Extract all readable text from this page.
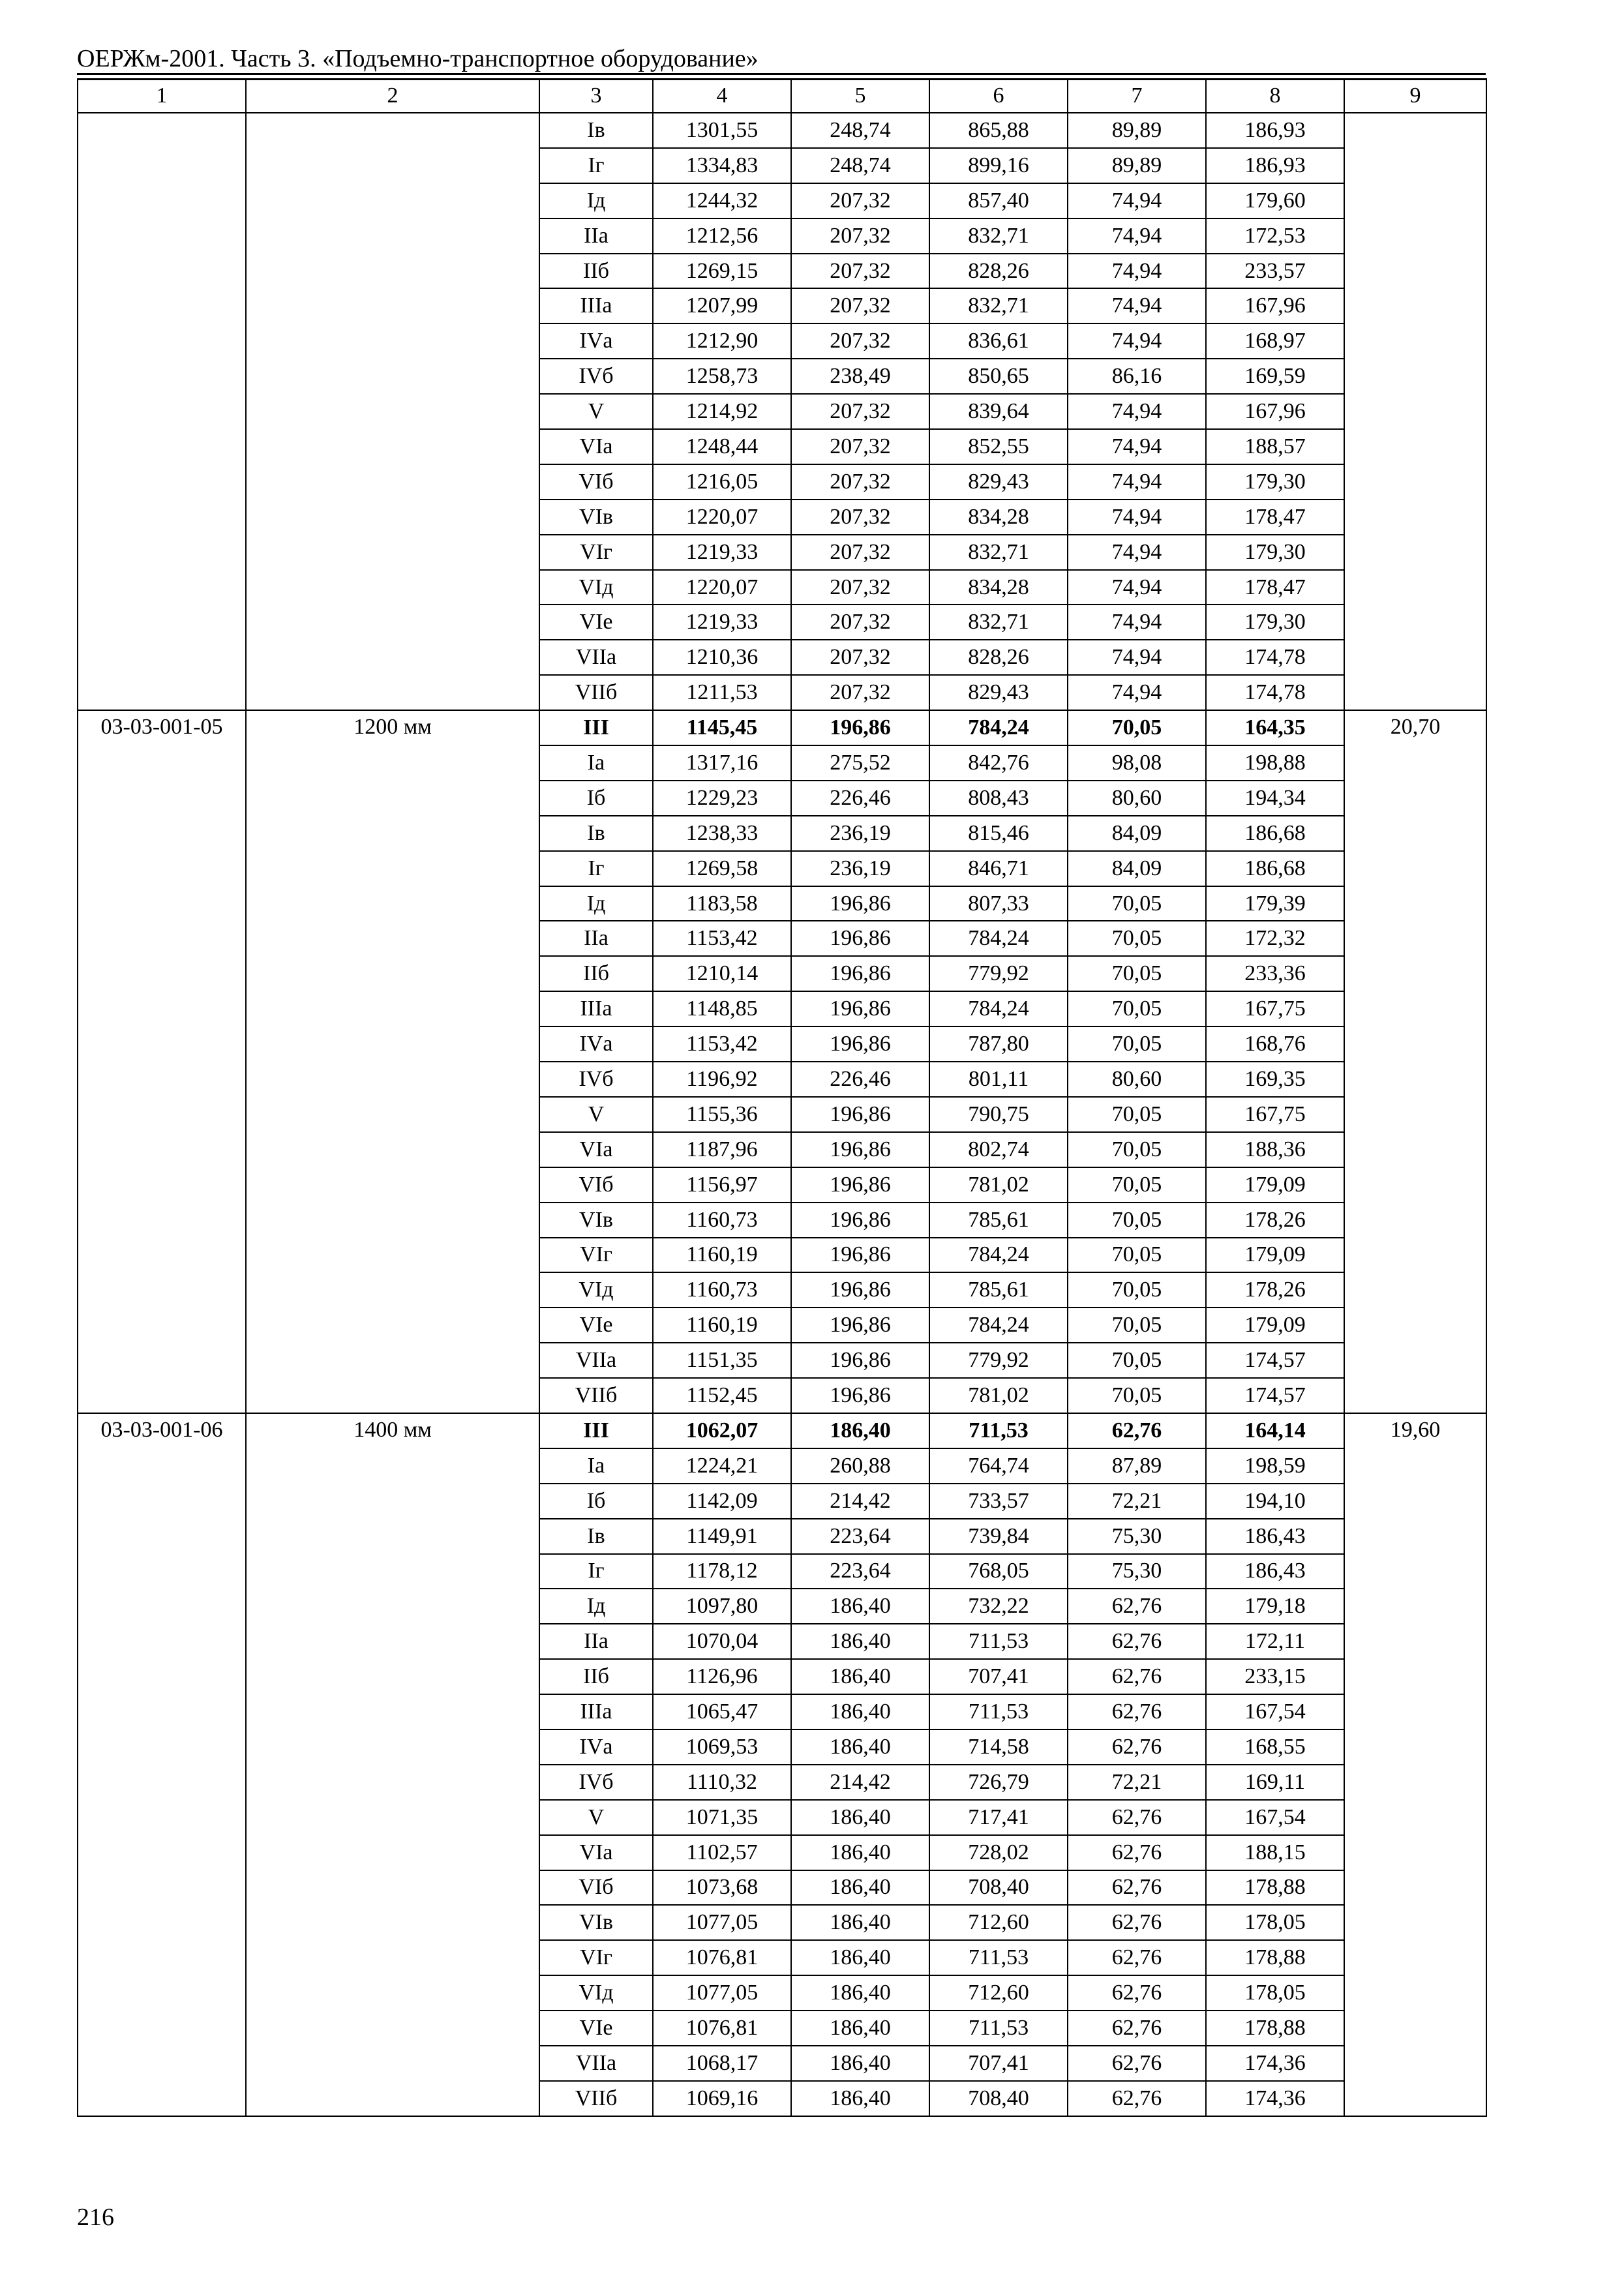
ОЕРЖм-2001. Часть 3. «Подъемно-транспортное оборудование»
1	2	3	4	5	6	7	8	9
		Iв	1301,55	248,74	865,88	89,89	186,93	
		Iг	1334,83	248,74	899,16	89,89	186,93	
		Iд	1244,32	207,32	857,40	74,94	179,60	
		IIа	1212,56	207,32	832,71	74,94	172,53	
		IIб	1269,15	207,32	828,26	74,94	233,57	
		IIIа	1207,99	207,32	832,71	74,94	167,96	
		IVа	1212,90	207,32	836,61	74,94	168,97	
		IVб	1258,73	238,49	850,65	86,16	169,59	
		V	1214,92	207,32	839,64	74,94	167,96	
		VIа	1248,44	207,32	852,55	74,94	188,57	
		VIб	1216,05	207,32	829,43	74,94	179,30	
		VIв	1220,07	207,32	834,28	74,94	178,47	
		VIг	1219,33	207,32	832,71	74,94	179,30	
		VIд	1220,07	207,32	834,28	74,94	178,47	
		VIе	1219,33	207,32	832,71	74,94	179,30	
		VIIа	1210,36	207,32	828,26	74,94	174,78	
		VIIб	1211,53	207,32	829,43	74,94	174,78	
03-03-001-05	1200 мм	III	1145,45	196,86	784,24	70,05	164,35	20,70
		Iа	1317,16	275,52	842,76	98,08	198,88	
		Iб	1229,23	226,46	808,43	80,60	194,34	
		Iв	1238,33	236,19	815,46	84,09	186,68	
		Iг	1269,58	236,19	846,71	84,09	186,68	
		Iд	1183,58	196,86	807,33	70,05	179,39	
		IIа	1153,42	196,86	784,24	70,05	172,32	
		IIб	1210,14	196,86	779,92	70,05	233,36	
		IIIа	1148,85	196,86	784,24	70,05	167,75	
		IVа	1153,42	196,86	787,80	70,05	168,76	
		IVб	1196,92	226,46	801,11	80,60	169,35	
		V	1155,36	196,86	790,75	70,05	167,75	
		VIа	1187,96	196,86	802,74	70,05	188,36	
		VIб	1156,97	196,86	781,02	70,05	179,09	
		VIв	1160,73	196,86	785,61	70,05	178,26	
		VIг	1160,19	196,86	784,24	70,05	179,09	
		VIд	1160,73	196,86	785,61	70,05	178,26	
		VIе	1160,19	196,86	784,24	70,05	179,09	
		VIIа	1151,35	196,86	779,92	70,05	174,57	
		VIIб	1152,45	196,86	781,02	70,05	174,57	
03-03-001-06	1400 мм	III	1062,07	186,40	711,53	62,76	164,14	19,60
		Iа	1224,21	260,88	764,74	87,89	198,59	
		Iб	1142,09	214,42	733,57	72,21	194,10	
		Iв	1149,91	223,64	739,84	75,30	186,43	
		Iг	1178,12	223,64	768,05	75,30	186,43	
		Iд	1097,80	186,40	732,22	62,76	179,18	
		IIа	1070,04	186,40	711,53	62,76	172,11	
		IIб	1126,96	186,40	707,41	62,76	233,15	
		IIIа	1065,47	186,40	711,53	62,76	167,54	
		IVа	1069,53	186,40	714,58	62,76	168,55	
		IVб	1110,32	214,42	726,79	72,21	169,11	
		V	1071,35	186,40	717,41	62,76	167,54	
		VIа	1102,57	186,40	728,02	62,76	188,15	
		VIб	1073,68	186,40	708,40	62,76	178,88	
		VIв	1077,05	186,40	712,60	62,76	178,05	
		VIг	1076,81	186,40	711,53	62,76	178,88	
		VIд	1077,05	186,40	712,60	62,76	178,05	
		VIе	1076,81	186,40	711,53	62,76	178,88	
		VIIа	1068,17	186,40	707,41	62,76	174,36	
		VIIб	1069,16	186,40	708,40	62,76	174,36	
216
